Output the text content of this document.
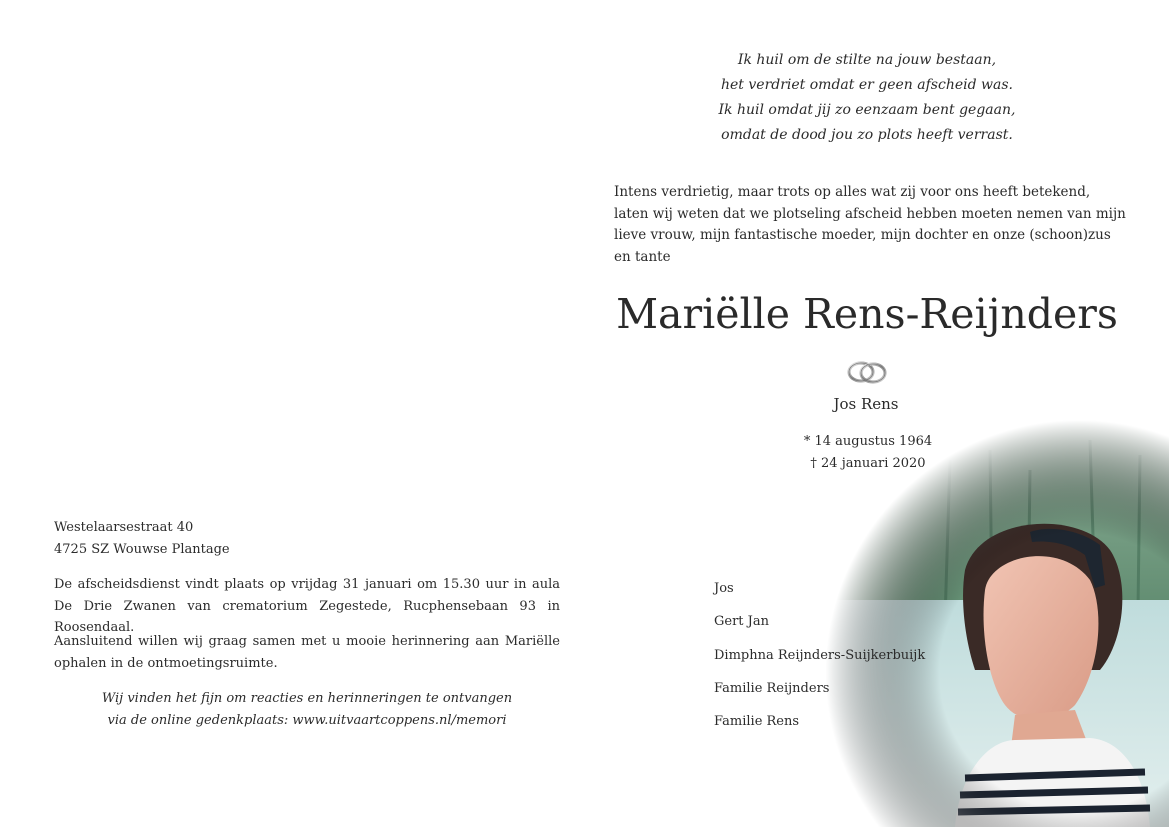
Ik huil om de stilte na jouw bestaan,
het verdriet omdat er geen afscheid was.
Ik huil omdat jij zo eenzaam bent gegaan,
omdat de dood jou zo plots heeft verrast.
Intens verdrietig, maar trots op alles wat zij voor ons heeft betekend, laten wij weten dat we plotseling afscheid hebben moeten nemen van mijn lieve vrouw, mijn fantastische moeder, mijn dochter en onze (schoon)zus en tante
Mariëlle Rens-Reijnders
Jos Rens
* 14 augustus 1964
† 24 januari 2020
Westelaarsestraat 40
4725 SZ Wouwse Plantage
De afscheidsdienst vindt plaats op vrijdag 31 januari om 15.30 uur in aula De Drie Zwanen van crematorium Zegestede, Rucphensebaan 93 in Roosendaal.
Aansluitend willen wij graag samen met u mooie herinnering aan Mariëlle ophalen in de ontmoetingsruimte.
Wij vinden het fijn om reacties en herinneringen te ontvangen
via de online gedenkplaats: www.uitvaartcoppens.nl/memori
Jos
Gert Jan
Dimphna Reijnders-Suijkerbuijk
Familie Reijnders
Familie Rens
